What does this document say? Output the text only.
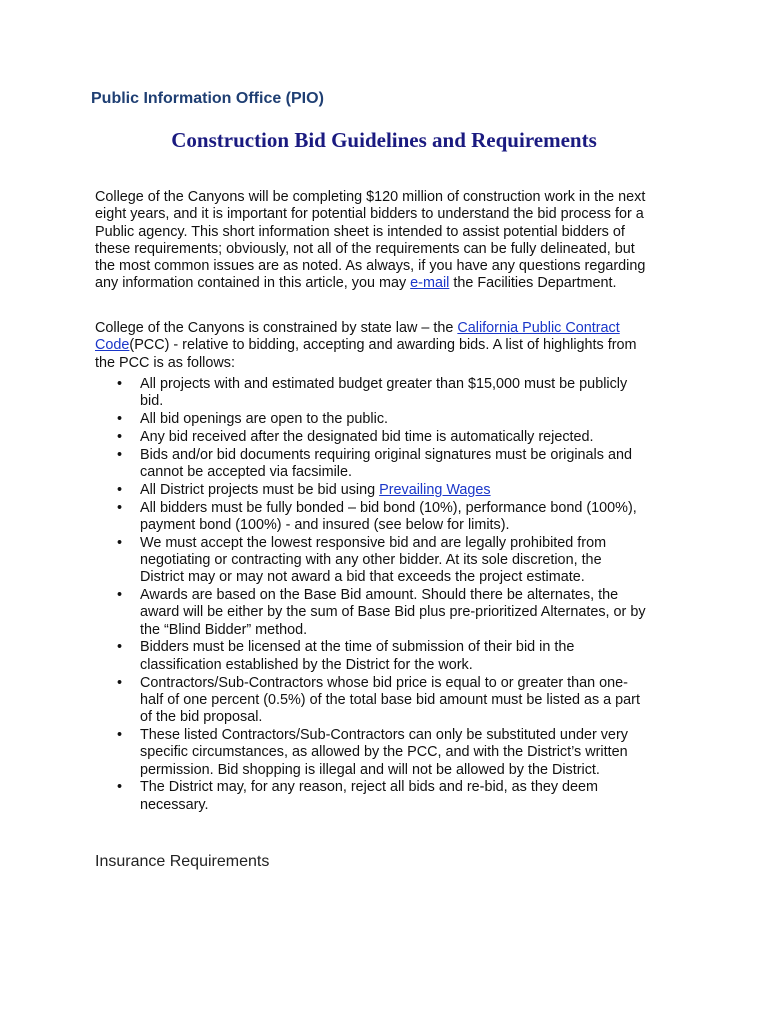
Public Information Office (PIO)
Construction Bid Guidelines and Requirements
College of the Canyons will be completing $120 million of construction work in the next
eight years, and it is important for potential bidders to understand the bid process for a
Public agency. This short information sheet is intended to assist potential bidders of
these requirements; obviously, not all of the requirements can be fully delineated, but
the most common issues are as noted. As always, if you have any questions regarding
any information contained in this article, you may e-mail the Facilities Department.
College of the Canyons is constrained by state law – the California Public Contract
Code(PCC) - relative to bidding, accepting and awarding bids. A list of highlights from
the PCC is as follows:
• All projects with and estimated budget greater than $15,000 must be publicly
bid.
• All bid openings are open to the public.
• Any bid received after the designated bid time is automatically rejected.
• Bids and/or bid documents requiring original signatures must be originals and
cannot be accepted via facsimile.
• All District projects must be bid using Prevailing Wages
• All bidders must be fully bonded – bid bond (10%), performance bond (100%),
payment bond (100%) - and insured (see below for limits).
• We must accept the lowest responsive bid and are legally prohibited from
negotiating or contracting with any other bidder. At its sole discretion, the
District may or may not award a bid that exceeds the project estimate.
• Awards are based on the Base Bid amount. Should there be alternates, the
award will be either by the sum of Base Bid plus pre-prioritized Alternates, or by
the “Blind Bidder” method.
• Bidders must be licensed at the time of submission of their bid in the
classification established by the District for the work.
• Contractors/Sub-Contractors whose bid price is equal to or greater than one-
half of one percent (0.5%) of the total base bid amount must be listed as a part
of the bid proposal.
• These listed Contractors/Sub-Contractors can only be substituted under very
specific circumstances, as allowed by the PCC, and with the District’s written
permission. Bid shopping is illegal and will not be allowed by the District.
• The District may, for any reason, reject all bids and re-bid, as they deem
necessary.
Insurance Requirements
